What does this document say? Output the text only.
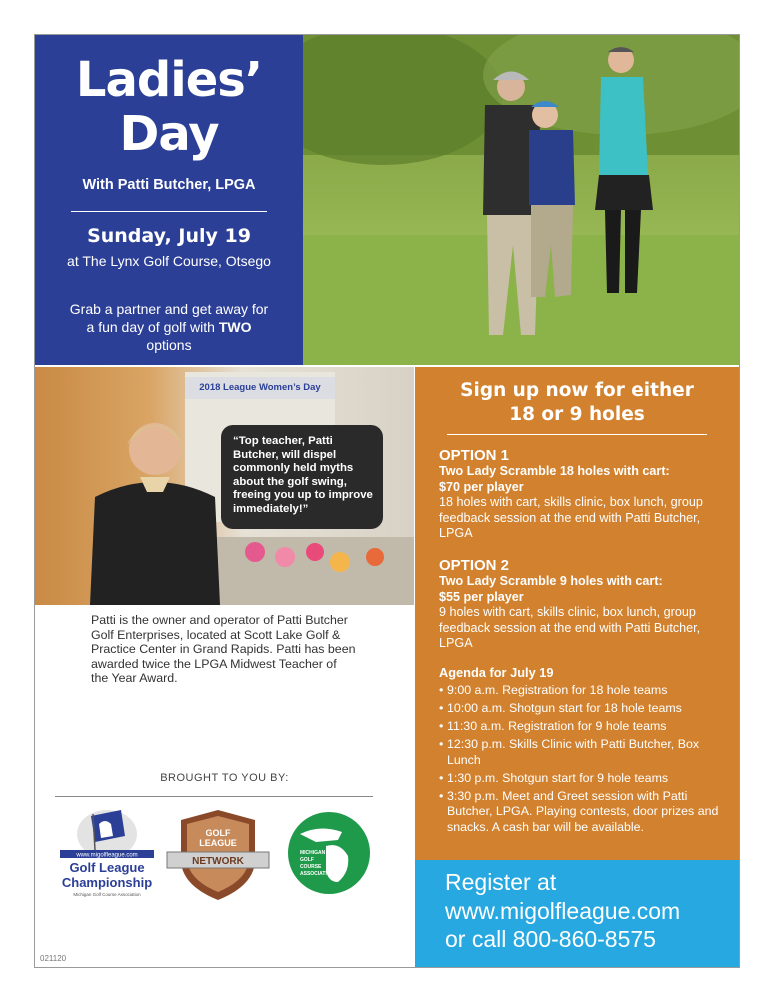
Ladies’
Day
With Patti Butcher, LPGA
Sunday, July 19
at The Lynx Golf Course, Otsego
Grab a partner and get away for a fun day of golf with TWO options
2018 League Women’s Day
“Top teacher, Patti Butcher, will dispel commonly held myths about the golf swing, freeing you up to improve immediately!”
Sign up now for either
18 or 9 holes
OPTION 1
Two Lady Scramble 18 holes with cart:
$70 per player
18 holes with cart, skills clinic, box lunch, group feedback session at the end with Patti Butcher, LPGA
OPTION 2
Two Lady Scramble 9 holes with cart:
$55 per player
9 holes with cart, skills clinic, box lunch, group feedback session at the end with Patti Butcher, LPGA
Agenda for July 19
• 9:00 a.m. Registration for 18 hole teams
• 10:00 a.m. Shotgun start for 18 hole teams
• 11:30 a.m. Registration for 9 hole teams
• 12:30 p.m. Skills Clinic with Patti Butcher, Box Lunch
• 1:30 p.m. Shotgun start for 9 hole teams
• 3:30 p.m. Meet and Greet session with Patti Butcher, LPGA. Playing contests, door prizes and snacks. A cash bar will be available.
Register at
www.migolfleague.com
or call 800-860-8575

Patti is the owner and operator of Patti Butcher Golf Enterprises, located at Scott Lake Golf & Practice Center in Grand Rapids. Patti has been awarded twice the LPGA Midwest Teacher of the Year Award.

BROUGHT TO YOU BY:
www.migolfleague.com
Golf League
Championship
Michigan Golf Course Association
GOLF
LEAGUE
NETWORK
MICHIGAN
GOLF
COURSE
ASSOCIATION
021120
